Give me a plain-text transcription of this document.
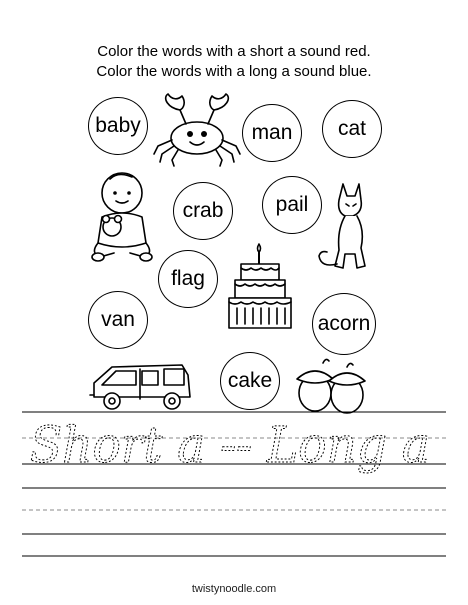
Color the words with a short a sound red.
Color the words with a long a sound blue.
baby	man	cat
crab	pail
flag
van	acorn
cake
Short a -- Long a
twistynoodle.com
